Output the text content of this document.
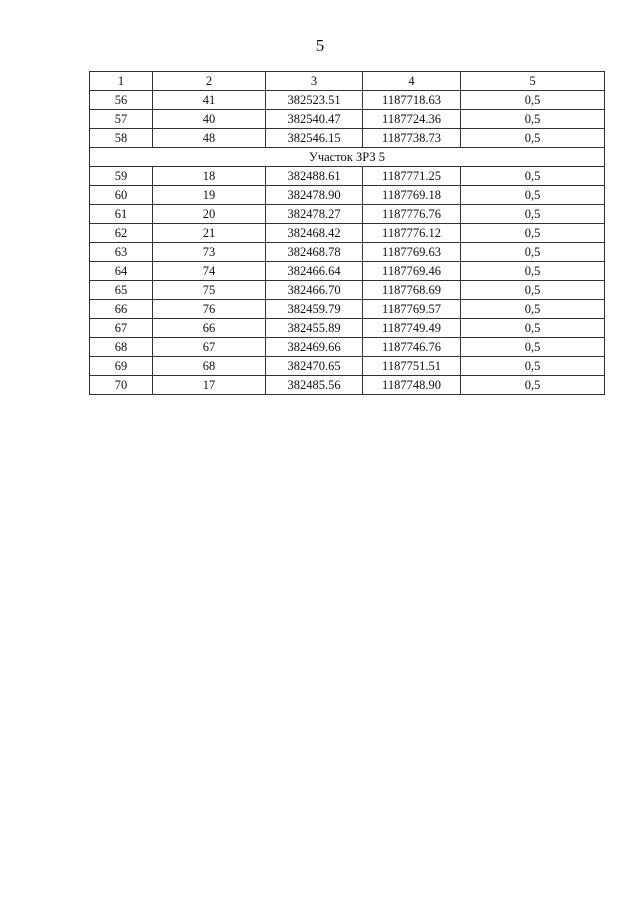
5
1	2	3	4	5
56	41	382523.51	1187718.63	0,5
57	40	382540.47	1187724.36	0,5
58	48	382546.15	1187738.73	0,5
Участок ЗРЗ 5				
59	18	382488.61	1187771.25	0,5
60	19	382478.90	1187769.18	0,5
61	20	382478.27	1187776.76	0,5
62	21	382468.42	1187776.12	0,5
63	73	382468.78	1187769.63	0,5
64	74	382466.64	1187769.46	0,5
65	75	382466.70	1187768.69	0,5
66	76	382459.79	1187769.57	0,5
67	66	382455.89	1187749.49	0,5
68	67	382469.66	1187746.76	0,5
69	68	382470.65	1187751.51	0,5
70	17	382485.56	1187748.90	0,5
